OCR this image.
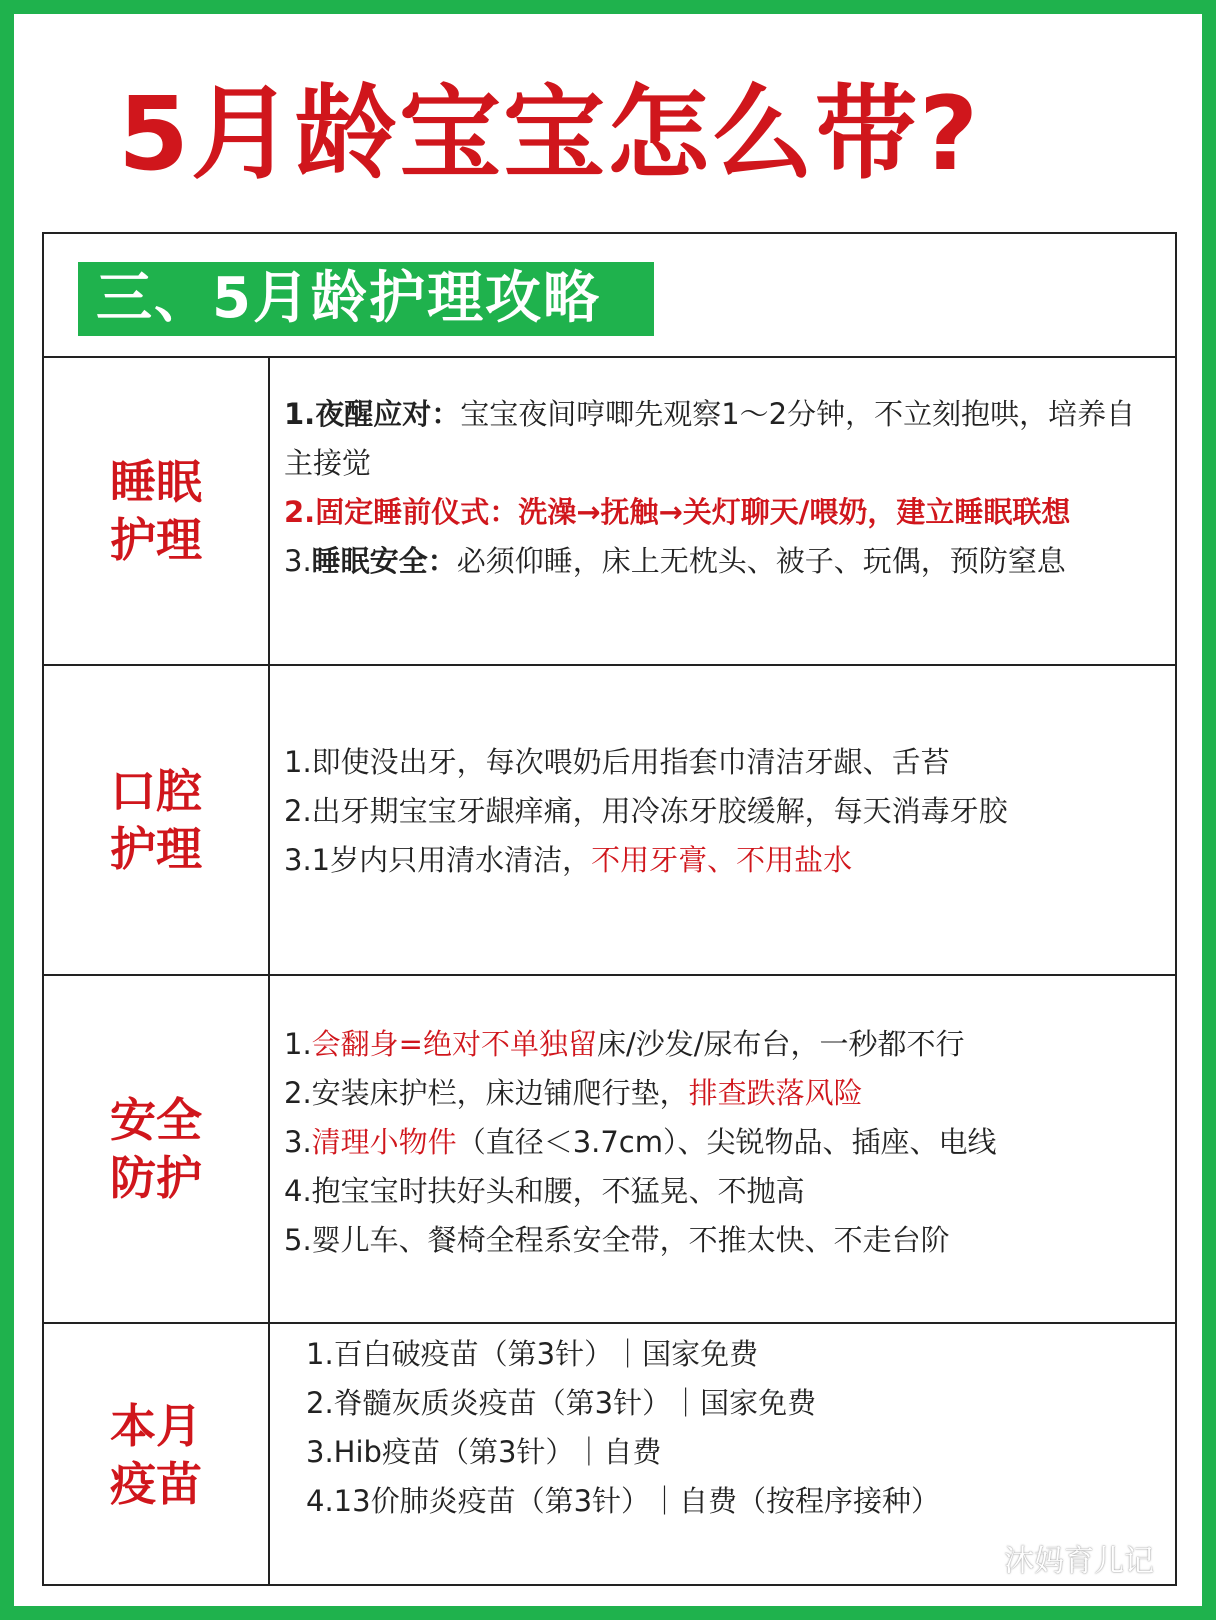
5月龄宝宝怎么带?
三、5月龄护理攻略
睡眠
护理
1.夜醒应对：宝宝夜间哼唧先观察1～2分钟，不立刻抱哄，培养自主接觉
2.固定睡前仪式：洗澡→抚触→关灯聊天/喂奶，建立睡眠联想
3.睡眠安全：必须仰睡，床上无枕头、被子、玩偶，预防窒息
口腔
护理
1.即使没出牙，每次喂奶后用指套巾清洁牙龈、舌苔
2.出牙期宝宝牙龈痒痛，用冷冻牙胶缓解，每天消毒牙胶
3.1岁内只用清水清洁，不用牙膏、不用盐水
安全
防护
1.会翻身=绝对不单独留床/沙发/尿布台，一秒都不行
2.安装床护栏，床边铺爬行垫，排查跌落风险
3.清理小物件（直径＜3.7cm）、尖锐物品、插座、电线
4.抱宝宝时扶好头和腰，不猛晃、不抛高
5.婴儿车、餐椅全程系安全带，不推太快、不走台阶
本月
疫苗
1.百白破疫苗（第3针）｜国家免费
2.脊髓灰质炎疫苗（第3针）｜国家免费
3.Hib疫苗（第3针）｜自费
4.13价肺炎疫苗（第3针）｜自费（按程序接种）
沐妈育儿记
